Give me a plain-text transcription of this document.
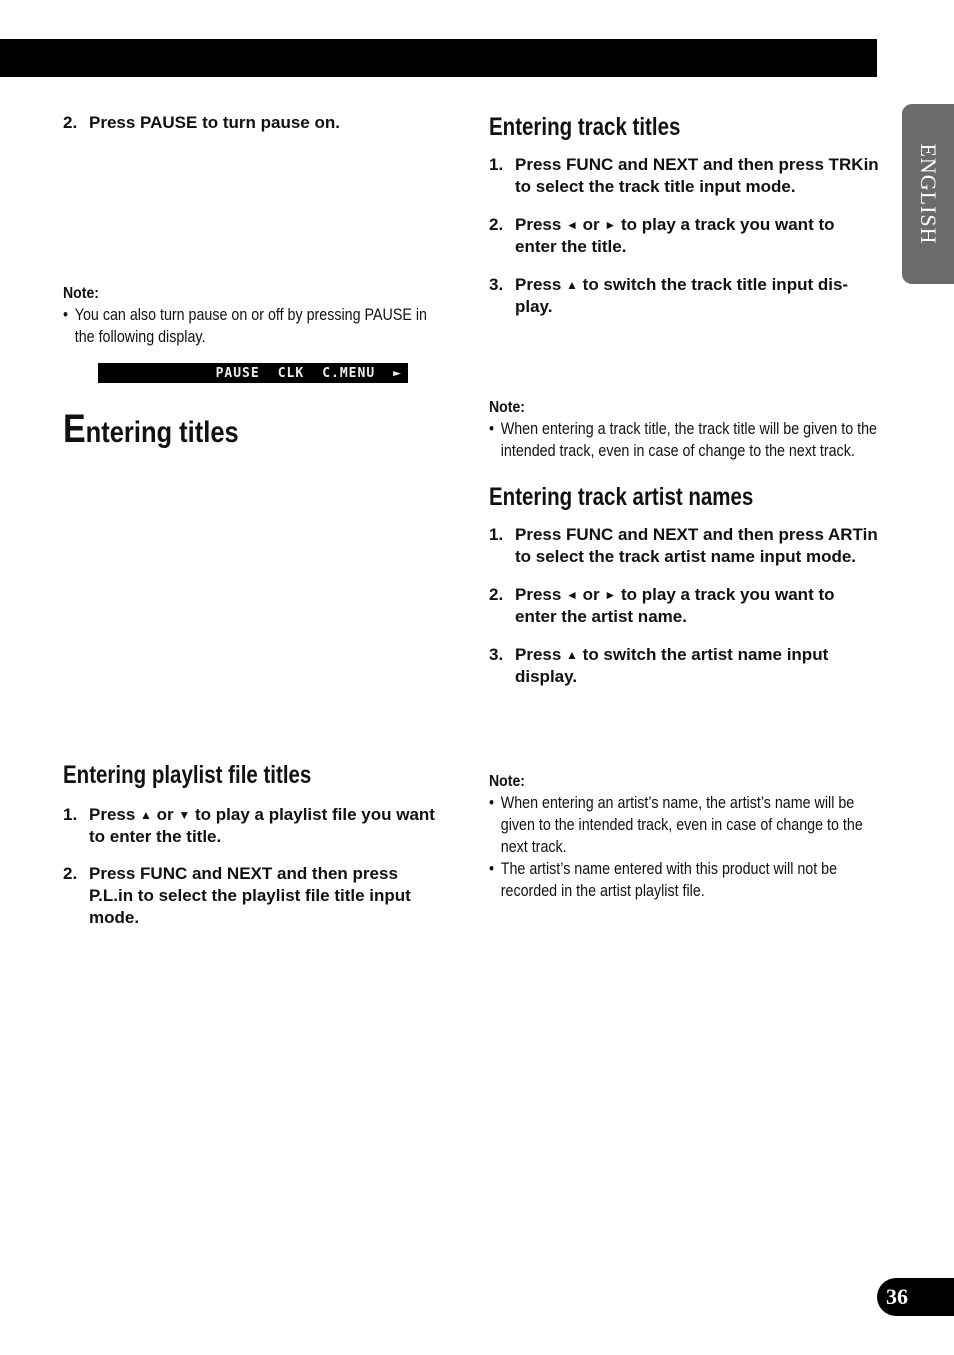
ENGLISH
2. Press PAUSE to turn pause on.
Note:
• You can also turn pause on or off by pressing PAUSE in the following display.
PAUSE CLK C.MENU ►
Entering titles
Entering playlist file titles
1. Press ▲ or ▼ to play a playlist file you want to enter the title.
2. Press FUNC and NEXT and then press P.L.in to select the playlist file title input mode.
Entering track titles
1. Press FUNC and NEXT and then press TRKin to select the track title input mode.
2. Press ◄ or ► to play a track you want to enter the title.
3. Press ▲ to switch the track title input dis-play.
Note:
• When entering a track title, the track title will be given to the intended track, even in case of change to the next track.
Entering track artist names
1. Press FUNC and NEXT and then press ARTin to select the track artist name input mode.
2. Press ◄ or ► to play a track you want to enter the artist name.
3. Press ▲ to switch the artist name input display.
Note:
• When entering an artist’s name, the artist’s name will be given to the intended track, even in case of change to the next track.
• The artist’s name entered with this product will not be recorded in the artist playlist file.
36
